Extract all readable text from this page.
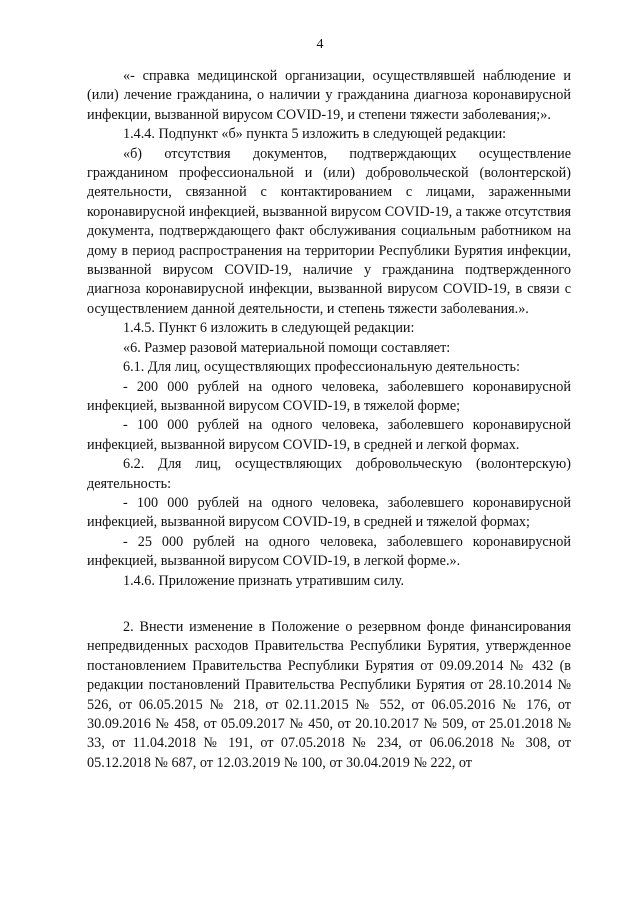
4

«- справка медицинской организации, осуществлявшей наблюдение и (или) лечение гражданина, о наличии у гражданина диагноза коронавирусной инфекции, вызванной вирусом COVID-19, и степени тяжести заболевания;».

1.4.4. Подпункт «б» пункта 5 изложить в следующей редакции:

«б) отсутствия документов, подтверждающих осуществление гражданином профессиональной и (или) добровольческой (волонтерской) деятельности, связанной с контактированием с лицами, зараженными коронавирусной инфекцией, вызванной вирусом COVID-19, а также отсутствия документа, подтверждающего факт обслуживания социальным работником на дому в период распространения на территории Республики Бурятия инфекции, вызванной вирусом COVID-19, наличие у гражданина подтвержденного диагноза коронавирусной инфекции, вызванной вирусом COVID-19, в связи с осуществлением данной деятельности, и степень тяжести заболевания.».

1.4.5. Пункт 6 изложить в следующей редакции:

«6. Размер разовой материальной помощи составляет:

6.1. Для лиц, осуществляющих профессиональную деятельность:

- 200 000 рублей на одного человека, заболевшего коронавирусной инфекцией, вызванной вирусом COVID-19, в тяжелой форме;

- 100 000 рублей на одного человека, заболевшего коронавирусной инфекцией, вызванной вирусом COVID-19, в средней и легкой формах.

6.2. Для лиц, осуществляющих добровольческую (волонтерскую) деятельность:

- 100 000 рублей на одного человека, заболевшего коронавирусной инфекцией, вызванной вирусом COVID-19, в средней и тяжелой формах;

- 25 000 рублей на одного человека, заболевшего коронавирусной инфекцией, вызванной вирусом COVID-19, в легкой форме.».

1.4.6. Приложение признать утратившим силу.

2. Внести изменение в Положение о резервном фонде финансирования непредвиденных расходов Правительства Республики Бурятия, утвержденное постановлением Правительства Республики Бурятия от 09.09.2014 № 432 (в редакции постановлений Правительства Республики Бурятия от 28.10.2014 № 526, от 06.05.2015 № 218, от 02.11.2015 № 552, от 06.05.2016 № 176, от 30.09.2016 № 458, от 05.09.2017 № 450, от 20.10.2017 № 509, от 25.01.2018 № 33, от 11.04.2018 № 191, от 07.05.2018 № 234, от 06.06.2018 № 308, от 05.12.2018 № 687, от 12.03.2019 № 100, от 30.04.2019 № 222, от
